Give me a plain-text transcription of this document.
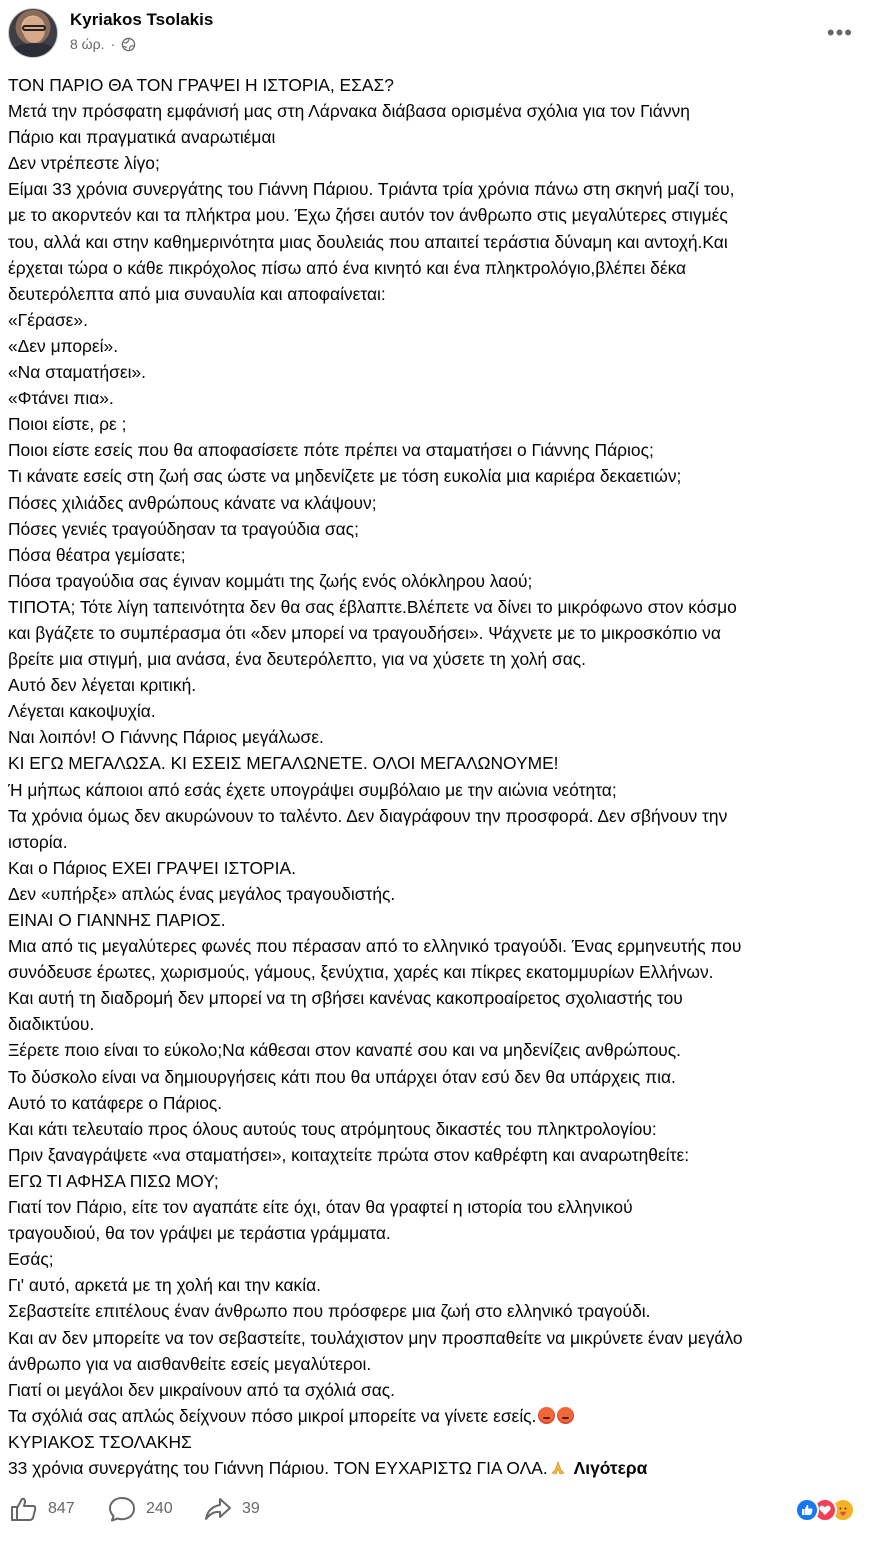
Kyriakos Tsolakis
8 ώρ. ·	•••
ΤΟΝ ΠΑΡΙΟ ΘΑ ΤΟΝ ΓΡΑΨΕΙ Η ΙΣΤΟΡΙΑ, ΕΣΑΣ?
Μετά την πρόσφατη εμφάνισή μας στη Λάρνακα διάβασα ορισμένα σχόλια για τον Γιάννη
Πάριο και πραγματικά αναρωτιέμαι
Δεν ντρέπεστε λίγο;
Είμαι 33 χρόνια συνεργάτης του Γιάννη Πάριου. Τριάντα τρία χρόνια πάνω στη σκηνή μαζί του,
με το ακορντεόν και τα πλήκτρα μου. Έχω ζήσει αυτόν τον άνθρωπο στις μεγαλύτερες στιγμές
του, αλλά και στην καθημερινότητα μιας δουλειάς που απαιτεί τεράστια δύναμη και αντοχή.Και
έρχεται τώρα ο κάθε πικρόχολος πίσω από ένα κινητό και ένα πληκτρολόγιο,βλέπει δέκα
δευτερόλεπτα από μια συναυλία και αποφαίνεται:
«Γέρασε».
«Δεν μπορεί».
«Να σταματήσει».
«Φτάνει πια».
Ποιοι είστε, ρε ;
Ποιοι είστε εσείς που θα αποφασίσετε πότε πρέπει να σταματήσει ο Γιάννης Πάριος;
Τι κάνατε εσείς στη ζωή σας ώστε να μηδενίζετε με τόση ευκολία μια καριέρα δεκαετιών;
Πόσες χιλιάδες ανθρώπους κάνατε να κλάψουν;
Πόσες γενιές τραγούδησαν τα τραγούδια σας;
Πόσα θέατρα γεμίσατε;
Πόσα τραγούδια σας έγιναν κομμάτι της ζωής ενός ολόκληρου λαού;
ΤΙΠΟΤΑ; Τότε λίγη ταπεινότητα δεν θα σας έβλαπτε.Βλέπετε να δίνει το μικρόφωνο στον κόσμο
και βγάζετε το συμπέρασμα ότι «δεν μπορεί να τραγουδήσει». Ψάχνετε με το μικροσκόπιο να
βρείτε μια στιγμή, μια ανάσα, ένα δευτερόλεπτο, για να χύσετε τη χολή σας.
Αυτό δεν λέγεται κριτική.
Λέγεται κακοψυχία.
Ναι λοιπόν! Ο Γιάννης Πάριος μεγάλωσε.
ΚΙ ΕΓΩ ΜΕΓΑΛΩΣΑ. ΚΙ ΕΣΕΙΣ ΜΕΓΑΛΩΝΕΤΕ. ΟΛΟΙ ΜΕΓΑΛΩΝΟΥΜΕ!
Ή μήπως κάποιοι από εσάς έχετε υπογράψει συμβόλαιο με την αιώνια νεότητα;
Τα χρόνια όμως δεν ακυρώνουν το ταλέντο. Δεν διαγράφουν την προσφορά. Δεν σβήνουν την
ιστορία.
Και ο Πάριος ΕΧΕΙ ΓΡΑΨΕΙ ΙΣΤΟΡΙΑ.
Δεν «υπήρξε» απλώς ένας μεγάλος τραγουδιστής.
ΕΙΝΑΙ Ο ΓΙΑΝΝΗΣ ΠΑΡΙΟΣ.
Μια από τις μεγαλύτερες φωνές που πέρασαν από το ελληνικό τραγούδι. Ένας ερμηνευτής που
συνόδευσε έρωτες, χωρισμούς, γάμους, ξενύχτια, χαρές και πίκρες εκατομμυρίων Ελλήνων.
Και αυτή τη διαδρομή δεν μπορεί να τη σβήσει κανένας κακοπροαίρετος σχολιαστής του
διαδικτύου.
Ξέρετε ποιο είναι το εύκολο;Να κάθεσαι στον καναπέ σου και να μηδενίζεις ανθρώπους.
Το δύσκολο είναι να δημιουργήσεις κάτι που θα υπάρχει όταν εσύ δεν θα υπάρχεις πια.
Αυτό το κατάφερε ο Πάριος.
Και κάτι τελευταίο προς όλους αυτούς τους ατρόμητους δικαστές του πληκτρολογίου:
Πριν ξαναγράψετε «να σταματήσει», κοιταχτείτε πρώτα στον καθρέφτη και αναρωτηθείτε:
ΕΓΩ ΤΙ ΑΦΗΣΑ ΠΙΣΩ ΜΟΥ;
Γιατί τον Πάριο, είτε τον αγαπάτε είτε όχι, όταν θα γραφτεί η ιστορία του ελληνικού
τραγουδιού, θα τον γράψει με τεράστια γράμματα.
Εσάς;
Γι' αυτό, αρκετά με τη χολή και την κακία.
Σεβαστείτε επιτέλους έναν άνθρωπο που πρόσφερε μια ζωή στο ελληνικό τραγούδι.
Και αν δεν μπορείτε να τον σεβαστείτε, τουλάχιστον μην προσπαθείτε να μικρύνετε έναν μεγάλο
άνθρωπο για να αισθανθείτε εσείς μεγαλύτεροι.
Γιατί οι μεγάλοι δεν μικραίνουν από τα σχόλιά σας.
Τα σχόλιά σας απλώς δείχνουν πόσο μικροί μπορείτε να γίνετε εσείς.
ΚΥΡΙΑΚΟΣ ΤΣΟΛΑΚΗΣ
33 χρόνια συνεργάτης του Γιάννη Πάριου. ΤΟΝ ΕΥΧΑΡΙΣΤΩ ΓΙΑ ΟΛΑ. Λιγότερα
847	240	39
